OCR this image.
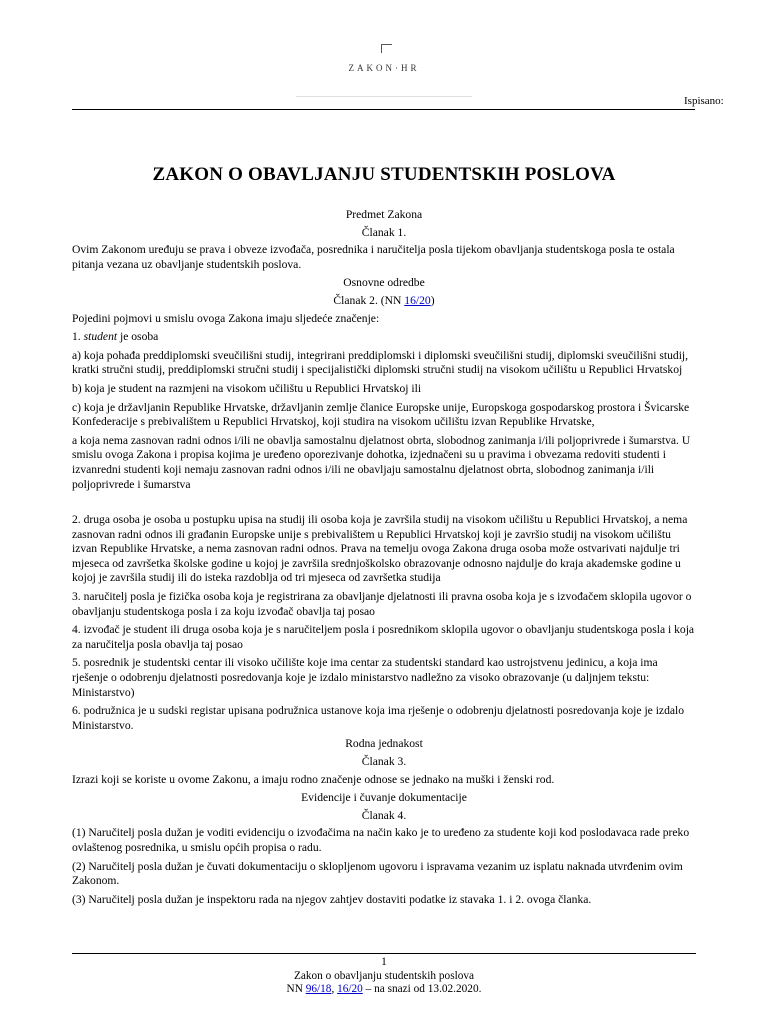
ZAKON·HR
Ispisano:
ZAKON O OBAVLJANJU STUDENTSKIH POSLOVA
Predmet Zakona
Članak 1.
Ovim Zakonom uređuju se prava i obveze izvođača, posrednika i naručitelja posla tijekom obavljanja studentskoga posla te ostala pitanja vezana uz obavljanje studentskih poslova.
Osnovne odredbe
Članak 2. (NN 16/20)
Pojedini pojmovi u smislu ovoga Zakona imaju sljedeće značenje:
1. student je osoba
a) koja pohađa preddiplomski sveučilišni studij, integrirani preddiplomski i diplomski sveučilišni studij, diplomski sveučilišni studij, kratki stručni studij, preddiplomski stručni studij i specijalistički diplomski stručni studij na visokom učilištu u Republici Hrvatskoj
b) koja je student na razmjeni na visokom učilištu u Republici Hrvatskoj ili
c) koja je državljanin Republike Hrvatske, državljanin zemlje članice Europske unije, Europskoga gospodarskog prostora i Švicarske Konfederacije s prebivalištem u Republici Hrvatskoj, koji studira na visokom učilištu izvan Republike Hrvatske,
a koja nema zasnovan radni odnos i/ili ne obavlja samostalnu djelatnost obrta, slobodnog zanimanja i/ili poljoprivrede i šumarstva. U smislu ovoga Zakona i propisa kojima je uređeno oporezivanje dohotka, izjednačeni su u pravima i obvezama redoviti studenti i izvanredni studenti koji nemaju zasnovan radni odnos i/ili ne obavljaju samostalnu djelatnost obrta, slobodnog zanimanja i/ili poljoprivrede i šumarstva
2. druga osoba je osoba u postupku upisa na studij ili osoba koja je završila studij na visokom učilištu u Republici Hrvatskoj, a nema zasnovan radni odnos ili građanin Europske unije s prebivalištem u Republici Hrvatskoj koji je završio studij na visokom učilištu izvan Republike Hrvatske, a nema zasnovan radni odnos. Prava na temelju ovoga Zakona druga osoba može ostvarivati najdulje tri mjeseca od završetka školske godine u kojoj je završila srednjoškolsko obrazovanje odnosno najdulje do kraja akademske godine u kojoj je završila studij ili do isteka razdoblja od tri mjeseca od završetka studija
3. naručitelj posla je fizička osoba koja je registrirana za obavljanje djelatnosti ili pravna osoba koja je s izvođačem sklopila ugovor o obavljanju studentskoga posla i za koju izvođač obavlja taj posao
4. izvođač je student ili druga osoba koja je s naručiteljem posla i posrednikom sklopila ugovor o obavljanju studentskoga posla i koja za naručitelja posla obavlja taj posao
5. posrednik je studentski centar ili visoko učilište koje ima centar za studentski standard kao ustrojstvenu jedinicu, a koja ima rješenje o odobrenju djelatnosti posredovanja koje je izdalo ministarstvo nadležno za visoko obrazovanje (u daljnjem tekstu: Ministarstvo)
6. podružnica je u sudski registar upisana podružnica ustanove koja ima rješenje o odobrenju djelatnosti posredovanja koje je izdalo Ministarstvo.
Rodna jednakost
Članak 3.
Izrazi koji se koriste u ovome Zakonu, a imaju rodno značenje odnose se jednako na muški i ženski rod.
Evidencije i čuvanje dokumentacije
Članak 4.
(1) Naručitelj posla dužan je voditi evidenciju o izvođačima na način kako je to uređeno za studente koji kod poslodavaca rade preko ovlaštenog posrednika, u smislu općih propisa o radu.
(2) Naručitelj posla dužan je čuvati dokumentaciju o sklopljenom ugovoru i ispravama vezanim uz isplatu naknada utvrđenim ovim Zakonom.
(3) Naručitelj posla dužan je inspektoru rada na njegov zahtjev dostaviti podatke iz stavaka 1. i 2. ovoga članka.
1
Zakon o obavljanju studentskih poslova
NN 96/18, 16/20 – na snazi od 13.02.2020.
